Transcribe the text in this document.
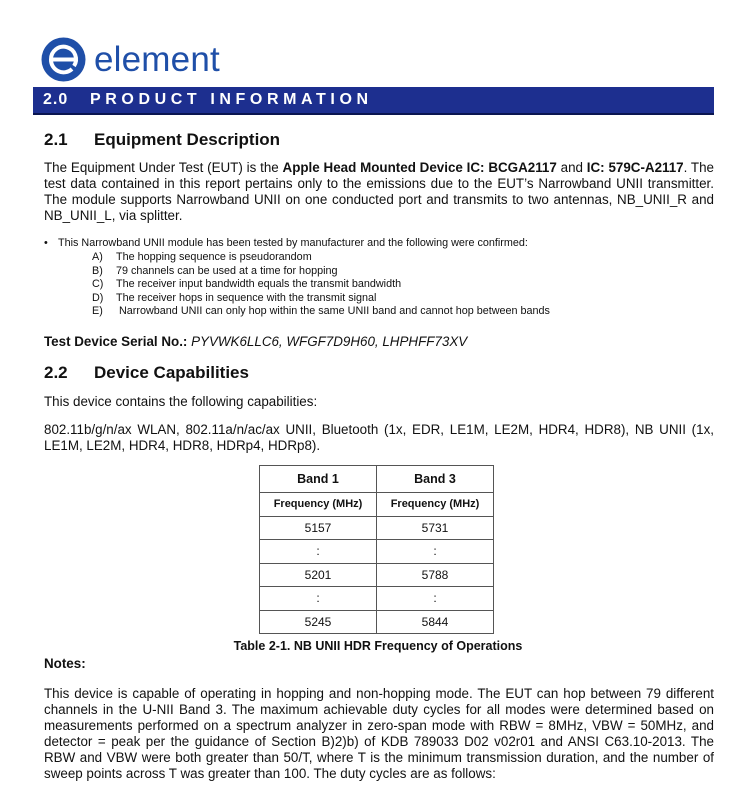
element
2.0 PRODUCT INFORMATION
2.1 Equipment Description

The Equipment Under Test (EUT) is the Apple Head Mounted Device IC: BCGA2117 and IC: 579C-A2117. The test data contained in this report pertains only to the emissions due to the EUT’s Narrowband UNII transmitter. The module supports Narrowband UNII on one conducted port and transmits to two antennas, NB_UNII_R and NB_UNII_L, via splitter.

• This Narrowband UNII module has been tested by manufacturer and the following were confirmed:
A) The hopping sequence is pseudorandom
B) 79 channels can be used at a time for hopping
C) The receiver input bandwidth equals the transmit bandwidth
D) The receiver hops in sequence with the transmit signal
E) Narrowband UNII can only hop within the same UNII band and cannot hop between bands

Test Device Serial No.: PYVWK6LLC6, WFGF7D9H60, LHPHFF73XV

2.2 Device Capabilities

This device contains the following capabilities:

802.11b/g/n/ax WLAN, 802.11a/n/ac/ax UNII, Bluetooth (1x, EDR, LE1M, LE2M, HDR4, HDR8), NB UNII (1x, LE1M, LE2M, HDR4, HDR8, HDRp4, HDRp8).

Band 1	Band 3
Frequency (MHz)	Frequency (MHz)
5157	5731
:	:
5201	5788
:	:
5245	5844
Table 2-1. NB UNII HDR Frequency of Operations
Notes:

This device is capable of operating in hopping and non-hopping mode. The EUT can hop between 79 different channels in the U-NII Band 3. The maximum achievable duty cycles for all modes were determined based on measurements performed on a spectrum analyzer in zero-span mode with RBW = 8MHz, VBW = 50MHz, and detector = peak per the guidance of Section B)2)b) of KDB 789033 D02 v02r01 and ANSI C63.10-2013. The RBW and VBW were both greater than 50/T, where T is the minimum transmission duration, and the number of sweep points across T was greater than 100. The duty cycles are as follows:
